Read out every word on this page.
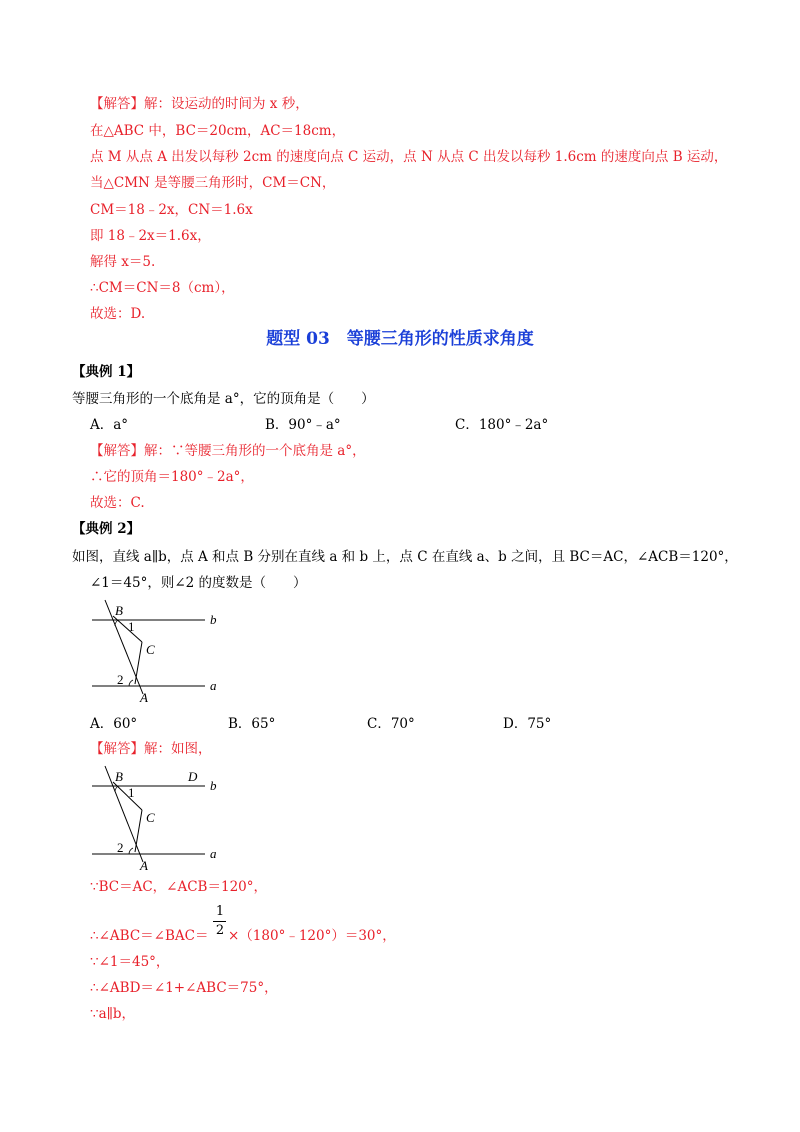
【解答】解：设运动的时间为 x 秒，
在△ABC 中，BC＝20cm，AC＝18cm，
点 M 从点 A 出发以每秒 2cm 的速度向点 C 运动，点 N 从点 C 出发以每秒 1.6cm 的速度向点 B 运动，
当△CMN 是等腰三角形时，CM＝CN，
CM＝18﹣2x，CN＝1.6x
即 18﹣2x＝1.6x，
解得 x＝5.
∴CM＝CN＝8（cm），
故选：D.
题型 03　等腰三角形的性质求角度
【典例 1】
等腰三角形的一个底角是 a°，它的顶角是（　　）
A．a°	B．90°﹣a°	C．180°﹣2a°
【解答】解：∵等腰三角形的一个底角是 a°，
∴它的顶角＝180°﹣2a°，
故选：C.
【典例 2】
如图，直线 a∥b，点 A 和点 B 分别在直线 a 和 b 上，点 C 在直线 a、b 之间，且 BC＝AC，∠ACB＝120°，
∠1＝45°，则∠2 的度数是（　　）
B
1
C
2
A
b
a
A．60°	B．65°	C．70°	D．75°
【解答】解：如图，
B	D
1
C
2
A
b
a
∵BC＝AC，∠ACB＝120°，
∴∠ABC＝∠BAC＝
1
2 ×（180°﹣120°）＝30°，
∵∠1＝45°，
∴∠ABD＝∠1+∠ABC＝75°，
∵a∥b，
